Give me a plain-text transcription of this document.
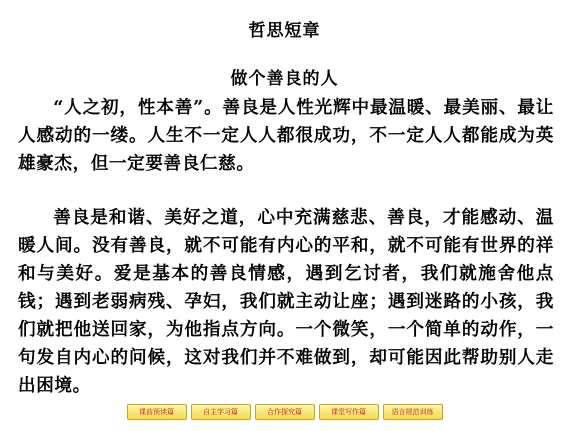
哲思短章
做个善良的人
“人之初，性本善”。善良是人性光辉中最温暖、最美丽、最让人感动的一缕。人生不一定人人都很成功，不一定人人都能成为英雄豪杰，但一定要善良仁慈。
善良是和谐、美好之道，心中充满慈悲、善良，才能感动、温暖人间。没有善良，就不可能有内心的平和，就不可能有世界的祥和与美好。爱是基本的善良情感，遇到乞讨者，我们就施舍他点钱；遇到老弱病残、孕妇，我们就主动让座；遇到迷路的小孩，我们就把他送回家，为他指点方向。一个微笑，一个简单的动作，一句发自内心的问候，这对我们并不难做到，却可能因此帮助别人走出困境。
课前预读篇	自主学习篇	合作探究篇	课堂写作篇	语言规范训练
